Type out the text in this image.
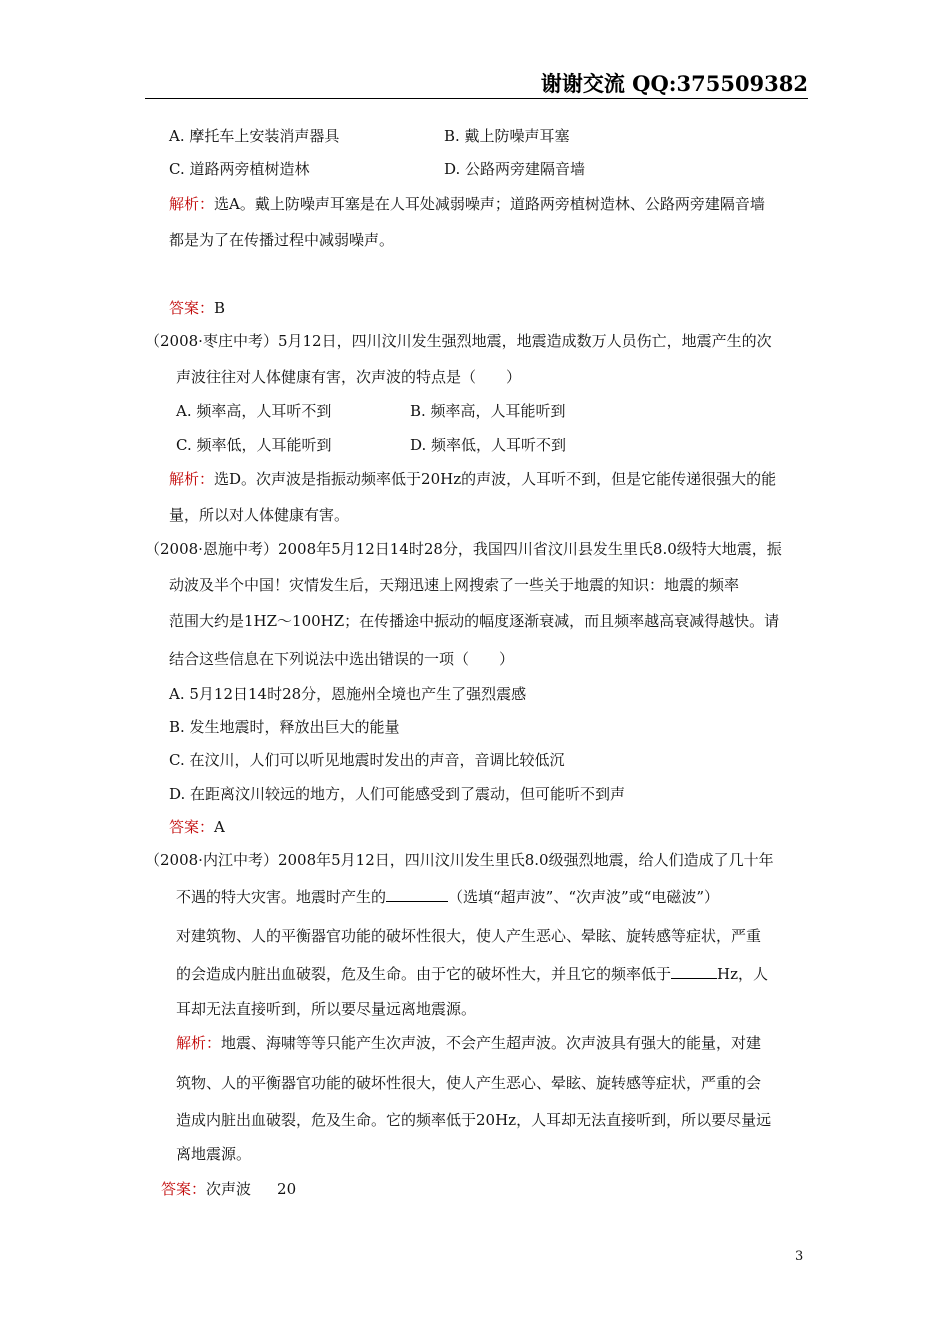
谢谢交流 QQ:375509382
A. 摩托车上安装消声器具	B. 戴上防噪声耳塞
C. 道路两旁植树造林	D. 公路两旁建隔音墙
解析：选A。戴上防噪声耳塞是在人耳处减弱噪声；道路两旁植树造林、公路两旁建隔音墙
都是为了在传播过程中减弱噪声。
答案：B
（2008·枣庄中考）5月12日，四川汶川发生强烈地震，地震造成数万人员伤亡，地震产生的次
声波往往对人体健康有害，次声波的特点是（　　）
A. 频率高，人耳听不到	B. 频率高，人耳能听到
C. 频率低，人耳能听到	D. 频率低，人耳听不到
解析：选D。次声波是指振动频率低于20Hz的声波，人耳听不到，但是它能传递很强大的能
量，所以对人体健康有害。
（2008·恩施中考）2008年5月12日14时28分，我国四川省汶川县发生里氏8.0级特大地震，振
动波及半个中国！灾情发生后，天翔迅速上网搜索了一些关于地震的知识：地震的频率
范围大约是1HZ～100HZ；在传播途中振动的幅度逐渐衰减，而且频率越高衰减得越快。请
结合这些信息在下列说法中选出错误的一项（　　）
A. 5月12日14时28分，恩施州全境也产生了强烈震感
B. 发生地震时，释放出巨大的能量
C. 在汶川，人们可以听见地震时发出的声音，音调比较低沉
D. 在距离汶川较远的地方，人们可能感受到了震动，但可能听不到声
答案：A
（2008·内江中考）2008年5月12日，四川汶川发生里氏8.0级强烈地震，给人们造成了几十年
不遇的特大灾害。地震时产生的	（选填“超声波”、“次声波”或“电磁波”）
对建筑物、人的平衡器官功能的破坏性很大，使人产生恶心、晕眩、旋转感等症状，严重
的会造成内脏出血破裂，危及生命。由于它的破坏性大，并且它的频率低于	Hz，人
耳却无法直接听到，所以要尽量远离地震源。
解析：地震、海啸等等只能产生次声波，不会产生超声波。次声波具有强大的能量，对建
筑物、人的平衡器官功能的破坏性很大，使人产生恶心、晕眩、旋转感等症状，严重的会
造成内脏出血破裂，危及生命。它的频率低于20Hz，人耳却无法直接听到，所以要尽量远
离地震源。
答案：次声波 20
3
